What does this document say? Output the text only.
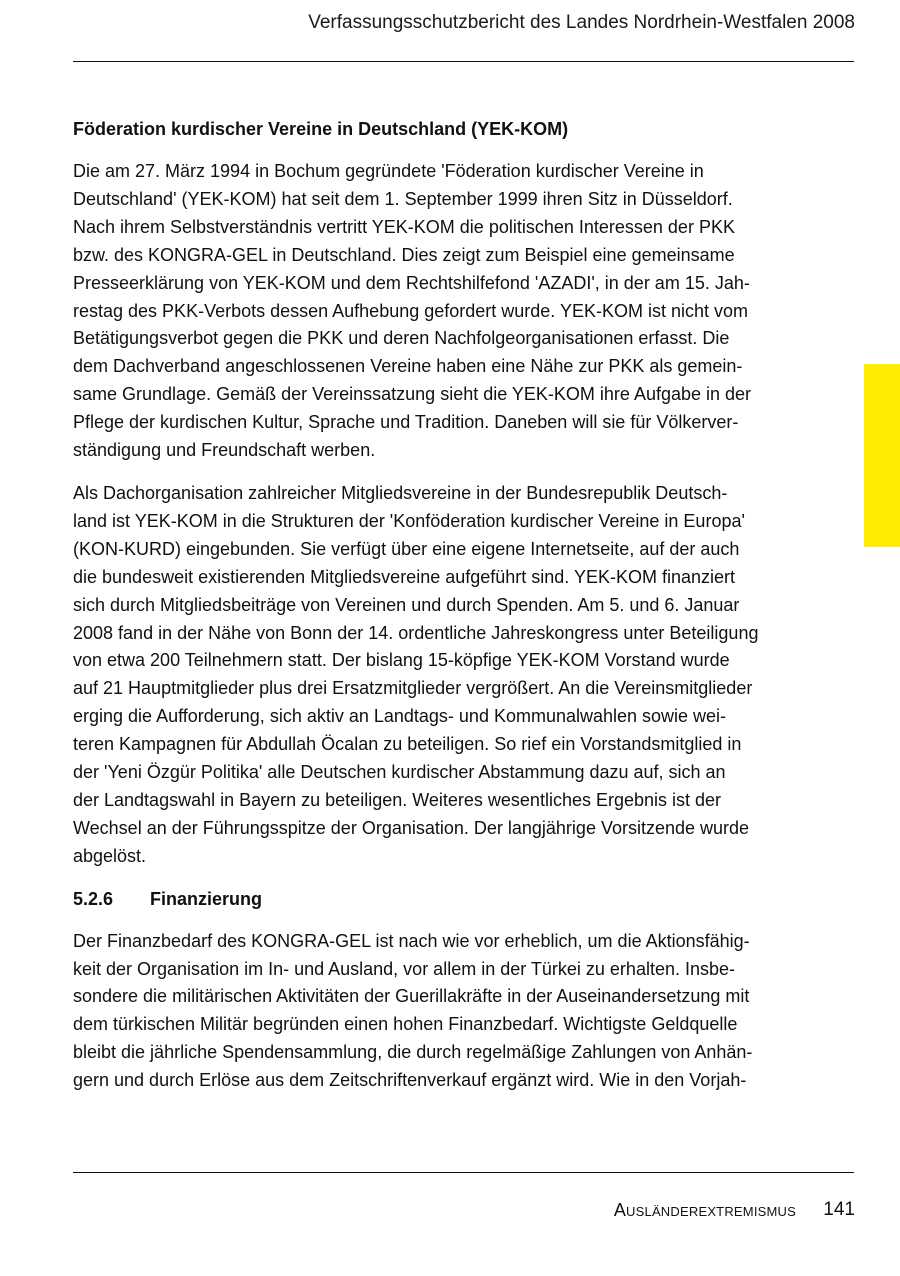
Verfassungsschutzbericht des Landes Nordrhein-Westfalen 2008
Föderation kurdischer Vereine in Deutschland (YEK-KOM)

Die am 27. März 1994 in Bochum gegründete 'Föderation kurdischer Vereine in
Deutschland' (YEK-KOM) hat seit dem 1. September 1999 ihren Sitz in Düsseldorf.
Nach ihrem Selbstverständnis vertritt YEK-KOM die politischen Interessen der PKK
bzw. des KONGRA-GEL in Deutschland. Dies zeigt zum Beispiel eine gemeinsame
Presseerklärung von YEK-KOM und dem Rechtshilfefond 'AZADI', in der am 15. Jah-
restag des PKK-Verbots dessen Aufhebung gefordert wurde. YEK-KOM ist nicht vom
Betätigungsverbot gegen die PKK und deren Nachfolgeorganisationen erfasst. Die
dem Dachverband angeschlossenen Vereine haben eine Nähe zur PKK als gemein-
same Grundlage. Gemäß der Vereinssatzung sieht die YEK-KOM ihre Aufgabe in der
Pflege der kurdischen Kultur, Sprache und Tradition. Daneben will sie für Völkerver-
ständigung und Freundschaft werben.

Als Dachorganisation zahlreicher Mitgliedsvereine in der Bundesrepublik Deutsch-
land ist YEK-KOM in die Strukturen der 'Konföderation kurdischer Vereine in Europa'
(KON-KURD) eingebunden. Sie verfügt über eine eigene Internetseite, auf der auch
die bundesweit existierenden Mitgliedsvereine aufgeführt sind. YEK-KOM finanziert
sich durch Mitgliedsbeiträge von Vereinen und durch Spenden. Am 5. und 6. Januar
2008 fand in der Nähe von Bonn der 14. ordentliche Jahreskongress unter Beteiligung
von etwa 200 Teilnehmern statt. Der bislang 15-köpfige YEK-KOM Vorstand wurde
auf 21 Hauptmitglieder plus drei Ersatzmitglieder vergrößert. An die Vereinsmitglieder
erging die Aufforderung, sich aktiv an Landtags- und Kommunalwahlen sowie wei-
teren Kampagnen für Abdullah Öcalan zu beteiligen. So rief ein Vorstandsmitglied in
der 'Yeni Özgür Politika' alle Deutschen kurdischer Abstammung dazu auf, sich an
der Landtagswahl in Bayern zu beteiligen. Weiteres wesentliches Ergebnis ist der
Wechsel an der Führungsspitze der Organisation. Der langjährige Vorsitzende wurde
abgelöst.

5.2.6	Finanzierung

Der Finanzbedarf des KONGRA-GEL ist nach wie vor erheblich, um die Aktionsfähig-
keit der Organisation im In- und Ausland, vor allem in der Türkei zu erhalten. Insbe-
sondere die militärischen Aktivitäten der Guerillakräfte in der Auseinandersetzung mit
dem türkischen Militär begründen einen hohen Finanzbedarf. Wichtigste Geldquelle
bleibt die jährliche Spendensammlung, die durch regelmäßige Zahlungen von Anhän-
gern und durch Erlöse aus dem Zeitschriftenverkauf ergänzt wird. Wie in den Vorjah-

Ausländerextremismus 141
